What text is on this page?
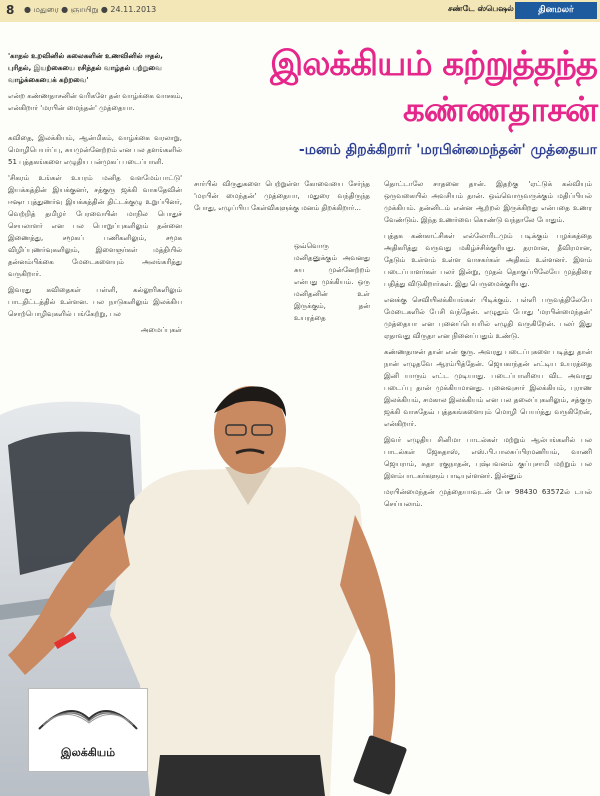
8 ● மதுரை ● ஞாயிறு ● 24.11.2013	சண்டே ஸ்பெஷல்	தினமலர்
இலக்கியம் கற்றுத்தந்த
கண்ணதாசன்
-மனம் திறக்கிறார் 'மரபின்மைந்தன்' முத்தையா
'காதல் உறவினில் கலைகளின் உணவினில் ஈதல், புரிதல், இயற்கையை ரசித்தல் வாழ்தல் பற்றுவை வாழ்க்கையைக் கற்றவை'
என்ற கண்ணதாசனின் வரிகளே தன் வாழ்க்கை வாசகம், என்கிறார் 'மரபின் மைந்தன்' முத்தையா.

கவிதை, இலக்கியம், ஆன்மிகம், வாழ்க்கை வரலாறு, மொழிபெயர்ப்பு, சுயமுன்னேற்றம் என பல தளங்களில் 51 புத்தகங்களை எழுதிய பன்முகப் படைப்பாளி.

'சிகரம் உங்கள் உயரம் மனித வளமேம்பாட்டு' இயக்கத்தின் இயக்குனர், சத்குரு ஜக்கி வாசுதேவின் ஈஷா புத்துணர்வு இயக்கத்தின் திட்டக்குழு உறுப்பினர், வெற்றித் தமிழர் பேரவையின் மாநில பொதுச் செயலாளர் என பல பொறுப்புகளிலும் தன்னை இணைத்து, சமூகப் பணிகளிலும், சமூக விழிப்புணர்வுகளிலும், இளைஞர்கள் மத்தியில் தன்னம்பிக்கை மேடைகளையும் அலங்கரித்து வருகிறார்.

இவரது கவிதைகள் பள்ளி, கல்லூரிகளிலும் பாடதிட்டத்தில் உள்ளன. பல நாடுகளிலும் இலக்கிய சொற்பொழிவுகளில் பங்கேற்று, பல

அமைப்புகள்

சார்பில் விருதுகளை பெற்றுள்ள கோவையை சேர்ந்த 'மரபின் மைந்தன்' முத்தையா, மதுரை வந்திருந்த போது, எழுப்பிய கேள்விகளுக்கு மனம் திறக்கிறார்...

ஒவ்வொரு மனிதனுக்கும் அவனது சுய முன்னேற்றம் என்பது முக்கியம். ஒரு மனிதனின் உள் இருக்கும், தன் உயரத்தை

தொட்டாலே சாதனை தான். இதற்கு 'ஏட்டுக் கல்வியும் ஒருவகையில் அவசியம் தான். ஒவ்வொருவருக்கும் மதிப்பியல் முக்கியம். தன்னிடம் என்ன ஆற்றல் இருக்கிறது என்பதை உணர வேண்டும். இந்த உணர்வை கொண்டு வந்தாலே போதும்.

புத்தக கண்காட்சிகள் எல்லோரிடமும் படிக்கும் பழக்கத்தை அதிகரித்து வருவது மகிழ்ச்சிக்குரியது. தரமான, தீவிரமான, தேடும் உள்ளம் உள்ள வாசகர்கள் அதிகம் உள்ளனர். இளம் படைப்பாளர்கள் பலர் இன்று, முதல் தொகுப்பிலேயே முத்திரை பதித்து விடுகிறார்கள். இது பெருமைக்குரியது.

எனக்கு செவியிலக்கியங்கள் பிடிக்கும். பள்ளி பருவத்திலேயே மேடைகளில் பேசி வந்தேன். எழுதும் போது 'மரபின்மைந்தன்' முத்தையா என புனைப்பெயரில் எழுதி வருகிறேன். பலர் இது ஏதாவது விருதா என நினைப்பதும் உண்டு.

கண்ணதாசன் தான் என் குரு. அவரது படைப்புகளை படித்து தான் நான் எழுதவே ஆரம்பித்தேன். ஜெயகாந்தன் எட்டிய உயரத்தை இனி யாரும் எட்ட முடியாது. படைப்பாளியை விட அவரது படைப்பு தான் முக்கியமானது. புனைவுசார் இலக்கியம், புராண இலக்கியம், சமகால இலக்கியம் என பல தலைப்புகளிலும், சத்குரு ஜக்கி வாசுதேவ் புத்தகங்களையும் மொழி பெயர்த்து வருகிறேன், என்கிறார்.

இவர் எழுதிய சினிமா பாடல்கள் மற்றும் ஆல்பங்களில் பல பாடல்கள் ஜேசுதாஸ், எஸ்.பி.பாலசுப்பிரமணியம், வாணி ஜெயராம், சுதா ரகுநாதன், புஷ்பவனம் குப்புசாமி மற்றும் பல இளம்பாடகர்களும் பாடியுள்ளனர். இன்னும்

மரபின்மைந்தன் முத்தையாவுடன் பேச 98430 63572ல் டயல் செய்யலாம்.

இலக்கியம்
